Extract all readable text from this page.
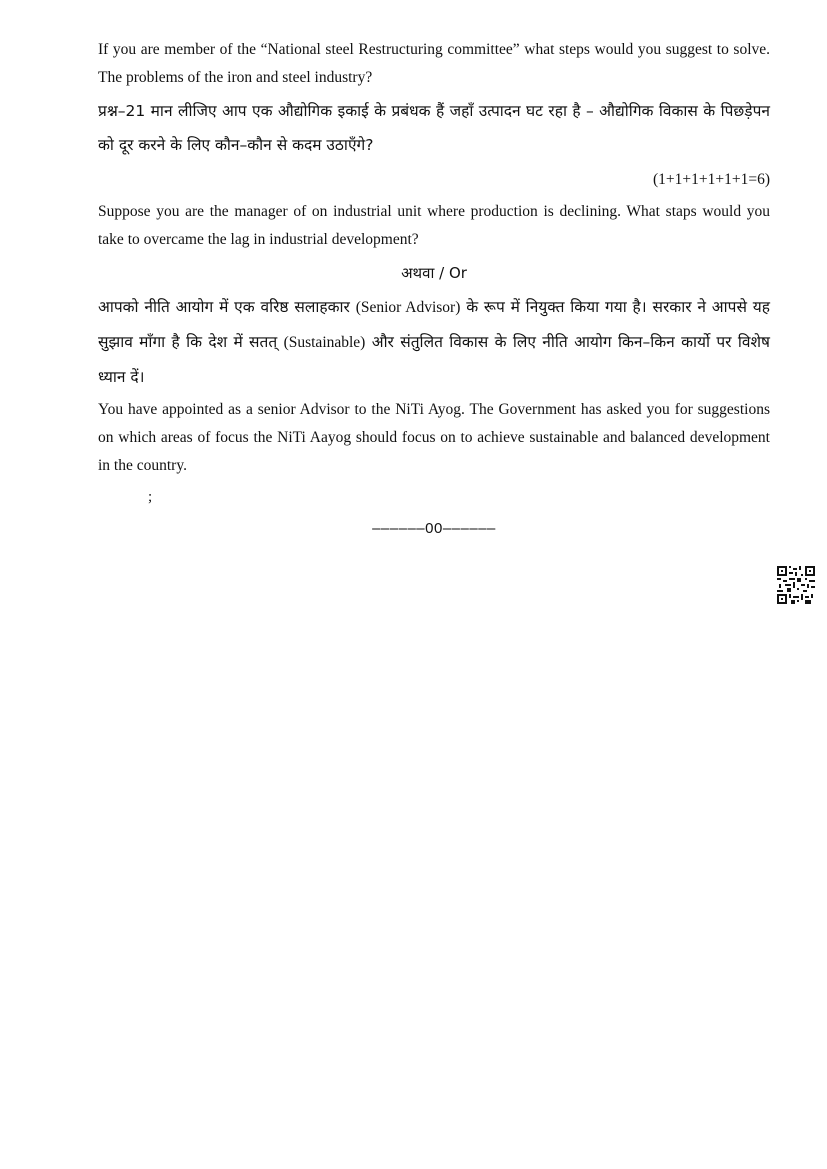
If you are member of the “National steel Restructuring committee” what steps would you suggest to solve. The problems of the iron and steel industry?

प्रश्न–21 मान लीजिए आप एक औद्योगिक इकाई के प्रबंधक हैं जहाँ उत्पादन घट रहा है – औद्योगिक विकास के पिछड़ेपन को दूर करने के लिए कौन–कौन से कदम उठाएँगे?

(1+1+1+1+1+1=6)

Suppose you are the manager of on industrial unit where production is declining. What staps would you take to overcame the lag in industrial development?

अथवा / Or

आपको नीति आयोग में एक वरिष्ठ सलाहकार (Senior Advisor) के रूप में नियुक्त किया गया है। सरकार ने आपसे यह सुझाव माँगा है कि देश में सतत् (Sustainable) और संतुलित विकास के लिए नीति आयोग किन–किन कार्यो पर विशेष ध्यान दें।

You have appointed as a senior Advisor to the NiTi Ayog. The Government has asked you for suggestions on which areas of focus the NiTi Aayog should focus on to achieve sustainable and balanced development in the country.

;

––––––00––––––
